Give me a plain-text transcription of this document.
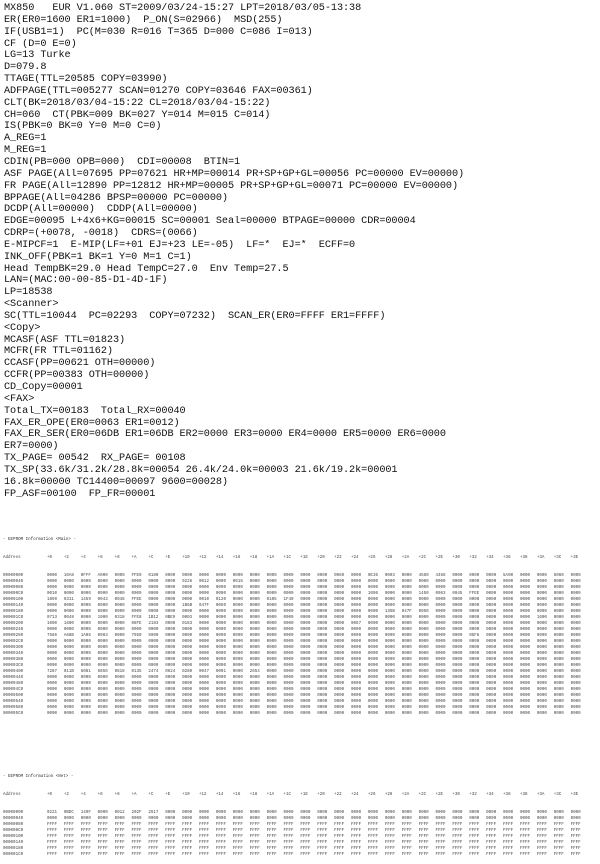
MX850   EUR V1.060 ST=2009/03/24-15:27 LPT=2018/03/05-13:38
ER(ER0=1600 ER1=1000)  P_ON(S=02966)  MSD(255)
IF(USB1=1)  PC(M=030 R=016 T=365 D=000 C=086 I=013)
CF (D=0 E=0)
LG=13 Turke
D=079.8
TTAGE(TTL=20585 COPY=03990)
ADFPAGE(TTL=005277 SCAN=01270 COPY=03646 FAX=00361)
CLT(BK=2018/03/04-15:22 CL=2018/03/04-15:22)
CH=060  CT(PBK=009 BK=027 Y=014 M=015 C=014)
IS(PBK=0 BK=0 Y=0 M=0 C=0)
A_REG=1
M_REG=1
CDIN(PB=000 OPB=000)  CDI=00008  BTIN=1
ASF PAGE(All=07695 PP=07621 HR+MP=00014 PR+SP+GP+GL=00056 PC=00000 EV=00000)
FR PAGE(All=12890 PP=12812 HR+MP=00005 PR+SP+GP+GL=00071 PC=00000 EV=00000)
BPPAGE(All=04286 BPSP=00000 PC=00000)
DCDP(All=00000)  CDDP(All=00000)
EDGE=00095 L+4x6+KG=00015 SC=00001 Seal=00000 BTPAGE=00000 CDR=00004
CDRP=(+0078, -0018)  CDRS=(0066)
E-MIPCF=1  E-MIP(LF=+01 EJ=+23 LE=-05)  LF=*  EJ=*  ECFF=0
INK_OFF(PBK=1 BK=1 Y=0 M=1 C=1)
Head TempBK=29.0 Head TempC=27.0  Env Temp=27.5
LAN=(MAC:00-00-85-D1-4D-1F)
LP=18538
<Scanner>
SC(TTL=10044  PC=02293  COPY=07232)  SCAN_ER(ER0=FFFF ER1=FFFF)
<Copy>
MCASF(ASF TTL=01823)
MCFR(FR TTL=01162)
CCASF(PP=00621 OTH=00000)
CCFR(PP=00383 OTH=00000)
CD_Copy=00001
<FAX>
Total_TX=00183  Total_RX=00040
FAX_ER_OPE(ER0=0063 ER1=0012)
FAX_ER_SER(ER0=06DB ER1=06DB ER2=0000 ER3=0000 ER4=0000 ER5=0000 ER6=0000
ER7=0000)
TX_PAGE= 00542  RX_PAGE= 00108
TX_SP(33.6k/31.2k/28.8k=00054 26.4k/24.0k=00003 21.6k/19.2k=00001
16.8k=00000 TC14400=00097 9600=00028)
FP_ASF=00100  FP_FR=00001

- EEPROM Information <Main> -

Address	+0	+2	+4	+6	+8	+A	+C	+E	+10 +12 +14 +16 +18 +1A +1C +1E +20 +22 +24 +26 +28 +2A +2C +2E +30 +32 +34 +36 +38 +3A +3C +3E

00000000	0000 10A8 0FFF A000 0000 FFE0 0180 0000 0000 0000 0000 0000 0000 0000 0000 0000 0000 0060 0000 9E36 0003 0000 4560 4466 0000 0000 0000 5A00 0000 0000 5060 0000
00000040	0000 0000 8000 8000 0000 0000 0000 0000 9226 0012 0000 0016 0000 0000 0000 0000 0000 0000 0000 0000 0000 0000 0000 0000 0000 0000 0000 0000 0000 0000 0000 0000
00000080	0000 0000 0000 0000 0000 0000 0000 0000 0000 0000 0000 0000 0000 0000 0000 0000 0000 0000 0000 0000 0000 0000 0000 0000 0000 0000 0000 0000 0000 0000 0000 0000
000000C0	0010 0000 0000 0000 0000 0000 0000 0000 0000 0000 0000 0000 0000 0000 0000 0000 0000 0000 0000 1006 0000 0000 1450 0063 0045 FFEE 0000 0000 0000 0000 0000 0000
00000100	1899 9311 1459 0043 0048 FFEE 0000 0000 0000 0010 0120 0000 0000 0105 1F40 0000 0000 0000 0000 0000 0000 0000 0000 0000 0000 0000 0000 0000 0000 0000 0000 0000
00000140	0000 0000 0000 0000 0000 0000 0000 0000 1B6B 047F 0050 0000 0000 0000 0000 0000 0000 0000 0000 0000 0000 0000 0000 0000 0000 0000 0000 0000 0000 0000 0000 0000
00000180	0000 0000 0000 0000 0000 0000 0000 0000 0000 0000 0000 0000 0000 0000 0000 0000 0000 0000 0000 0000 135B 047F 0050 0000 0000 0000 0000 0000 0000 0000 0000 0000
000001C0	0713 0048 0000 1900 0318 FFE8 1B12 0BE9 0003 0000 0000 0000 0000 0000 0000 0000 0000 0000 0000 0000 0000 0000 0000 0000 0000 0000 0000 0000 0000 1600 0000 0000
00000200	1000 1600 0000 0000 0000 08FE 2183 0000 0183 0000 0000 0000 0000 0000 0000 0000 0000 0000 0067 0000 0000 0000 0000 0000 0000 0000 0000 0000 0000 0000 0000 0000
00000240	0000 0000 0000 0000 0000 0000 0000 0000 0000 0000 0000 0000 0000 0000 0000 0000 0000 0000 0000 0000 0000 0000 0000 0000 0000 0000 0000 0000 0000 0000 0000 0000
00000280	7586 A68B 1A06 0083 0000 7950 5900 0000 0000 0000 0000 0000 0000 0000 0000 0000 0000 0000 0000 0000 0000 0000 0000 0000 0000 05F6 0000 0000 0000 0000 0000 0000
000002C0	0000 0000 0000 0000 0000 0000 0000 0000 0000 0000 0000 0000 0000 0000 0000 0000 0000 0000 0000 0000 0000 0000 0000 0000 0000 0000 0000 0000 0000 0000 0000 0000
00000300	0000 0000 0000 0000 0000 0000 0000 0000 0000 0000 0000 0000 0000 0000 0000 0000 0000 0000 0000 0000 0000 0000 0000 0000 0000 0000 0000 0000 0000 0000 0000 0000
00000340	0000 0000 0000 0000 0000 0000 0000 0000 0000 0000 0000 0000 0000 0000 0000 0000 0000 0000 0000 0000 0000 0000 0000 0000 0000 0000 0000 0000 0000 0000 0000 0000
00000380	0000 0000 0000 0000 0000 0000 0000 0000 0000 0000 0000 0000 0000 0000 0000 0000 0000 0000 0000 0000 0000 0000 0000 0000 0000 0000 0000 0000 0000 0000 0000 0000
000003C0	0000 0000 0000 0000 0000 0000 0000 0000 0000 0000 0000 0000 0000 0000 0000 0000 0000 0000 0000 0000 0000 0000 0000 0000 0000 0000 0000 0000 0000 0000 0000 0000
00000400	7287 011B 5081 6856 0818 0135 2474 0624 0280 0047 0001 0000 2654 0000 0000 0000 0000 0000 0000 0000 0000 0000 0000 0000 0000 0000 0000 0000 0000 0000 0000 0000
00000440	0000 0000 0000 0000 0000 0000 0000 0000 0000 0000 0000 0000 0000 0000 0000 0000 0000 0000 0000 0000 0000 0000 0000 0000 0000 0000 0000 0000 0000 0000 0000 0000
00000480	0000 0000 0000 0000 0000 0000 0000 0000 0000 0000 0000 0000 0000 0000 0000 0000 0000 0000 0000 0000 0000 0000 0000 0000 0000 0000 0000 0000 0000 0000 0000 0000
000004C0	0000 0000 0000 0000 0000 0000 0000 0000 0000 0000 0000 0000 0000 0000 0000 0000 0000 0000 0000 0000 0000 0000 0000 0000 0000 0000 0000 0000 0000 0000 0000 0000
00000500	0000 0000 0000 0000 0000 0000 0000 0000 0000 0000 0000 0000 0000 0000 0000 0000 0000 0000 0000 0000 0000 0000 0000 0000 0000 0000 0000 0000 0000 0000 0000 0000
00000540	0000 0000 0000 0000 0000 0000 0000 0000 0000 0000 0000 0000 0000 0000 0000 0000 0000 0000 0000 0000 0000 0000 0000 0000 0000 0000 0000 0000 0000 0000 0000 0000
00000580	0000 0000 0000 0000 0000 0000 0000 0000 0000 0000 0000 0000 0000 0000 0000 0000 0000 0000 0000 0000 0000 0000 0000 0000 0000 0000 0000 0000 0000 0000 0000 0000
000005C0	0000 0000 0000 0000 0000 0000 0000 0000 0000 0000 0000 0000 0000 0000 0000 0000 0000 0000 0000 0000 0000 0000 0000 0000 0000 0000 0000 0000 0000 0000 0000 0000

- EEPROM Information <Net> -

Address	+0	+2	+4	+6	+8	+A	+C	+E	+10 +12 +14 +16 +18 +1A +1C +1E +20 +22 +24 +26 +28 +2A +2C +2E +30 +32 +34 +36 +38 +3A +3C +3E

00000000	0221 0BDC 149F 0000 0012 202F 2517 0000 0000 0000 0000 0000 0000 0000 0000 0000 0000 0000 0000 0000 0000 0000 0000 0000 0000 0000 0000 0000 0000 0000 0000 0000
00000040	0000 0000 0000 0000 0000 0000 0000 0000 0000 0000 0000 0000 0000 0000 0000 0000 0000 0000 0000 0000 0000 0000 0000 0000 0000 0000 0000 0000 0000 0000 0000 0000
00000080	FFFF FFFF FFFF FFFF FFFF FFFF FFFF FFFF FFFF FFFF FFFF FFFF FFFF FFFF FFFF FFFF FFFF FFFF FFFF FFFF FFFF FFFF FFFF FFFF FFFF FFFF FFFF FFFF FFFF FFFF FFFF FFFF
000000C0	FFFF FFFF FFFF FFFF FFFF FFFF FFFF FFFF FFFF FFFF FFFF FFFF FFFF FFFF FFFF FFFF FFFF FFFF FFFF FFFF FFFF FFFF FFFF FFFF FFFF FFFF FFFF FFFF FFFF FFFF FFFF FFFF
00000100	FFFF FFFF FFFF FFFF FFFF FFFF FFFF FFFF FFFF FFFF FFFF FFFF FFFF FFFF FFFF FFFF FFFF FFFF FFFF FFFF FFFF FFFF FFFF FFFF FFFF FFFF FFFF FFFF FFFF FFFF FFFF FFFF
00000140	FFFF FFFF FFFF FFFF FFFF FFFF FFFF FFFF FFFF FFFF FFFF FFFF FFFF FFFF FFFF FFFF FFFF FFFF FFFF FFFF FFFF FFFF FFFF FFFF FFFF FFFF FFFF FFFF FFFF FFFF FFFF FFFF
00000180	FFFF FFFF FFFF FFFF FFFF FFFF FFFF FFFF FFFF FFFF FFFF FFFF FFFF FFFF FFFF FFFF FFFF FFFF FFFF FFFF FFFF FFFF FFFF FFFF FFFF FFFF FFFF FFFF FFFF FFFF FFFF FFFF
000001C0	FFFF FFFF FFFF FFFF FFFF FFFF FFFF FFFF FFFF FFFF FFFF FFFF FFFF FFFF FFFF FFFF FFFF FFFF FFFF FFFF FFFF FFFF FFFF FFFF FFFF FFFF FFFF FFFF FFFF FFFF FFFF FFFF
